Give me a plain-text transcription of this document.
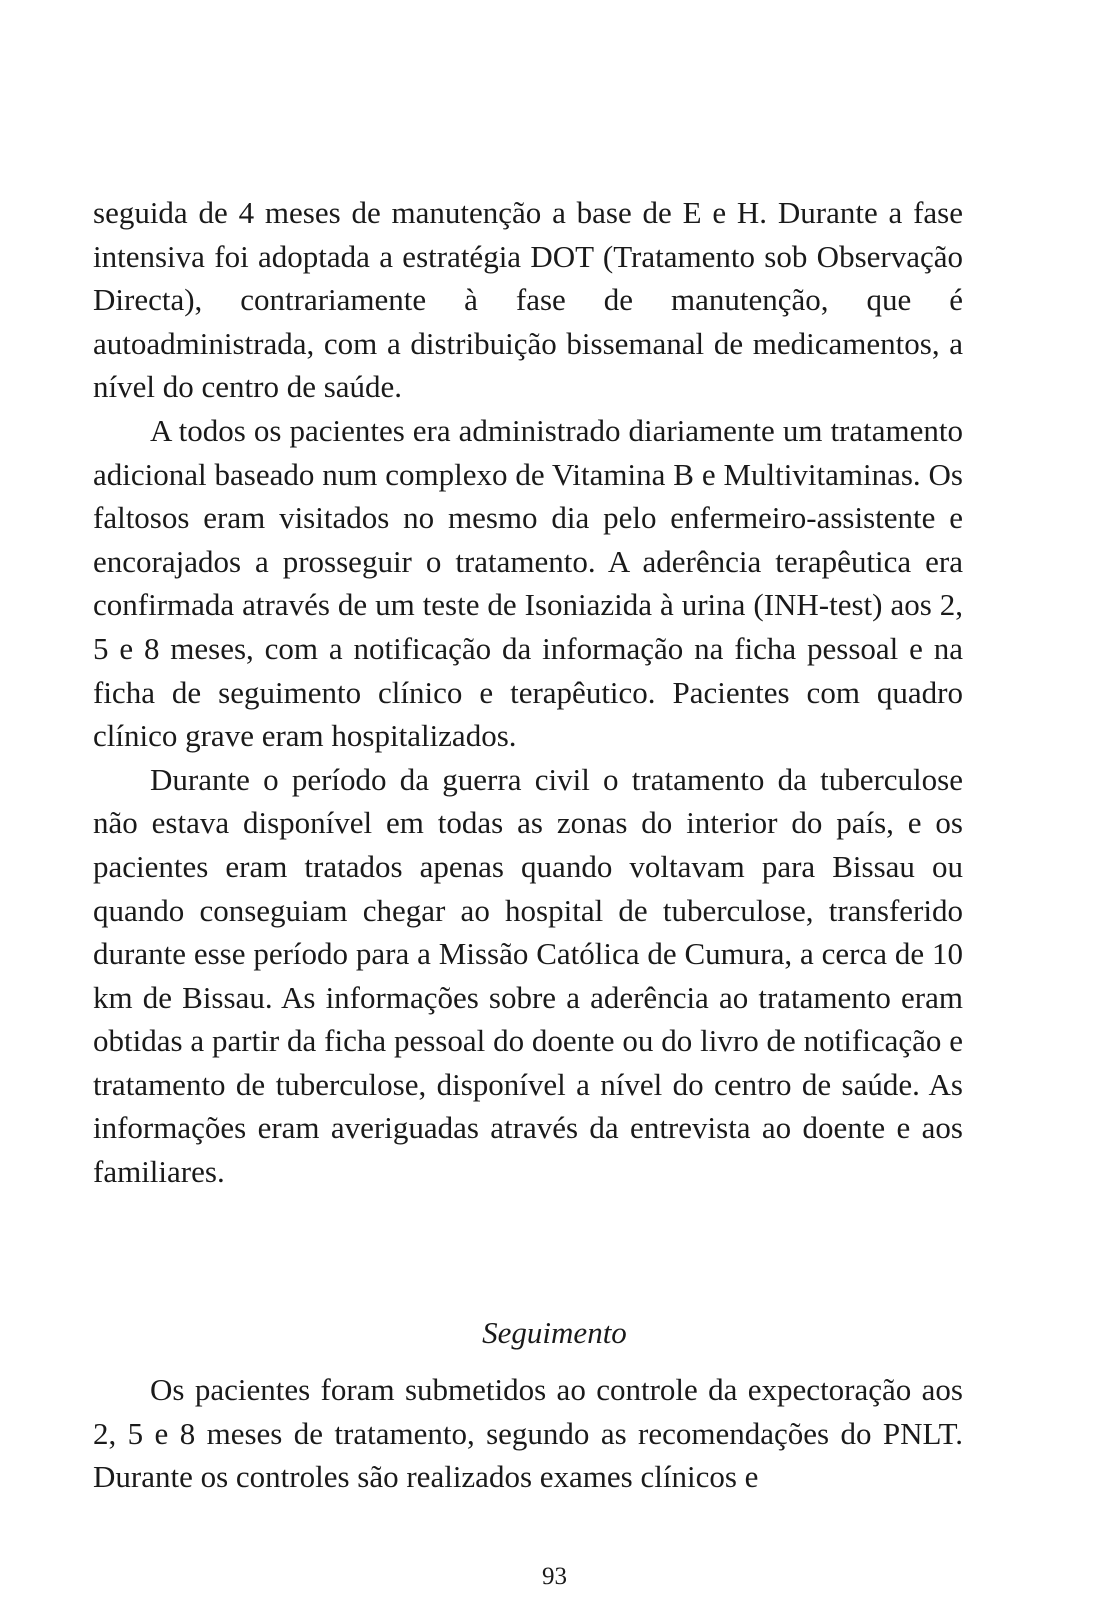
seguida de 4 meses de manutenção a base de E e H. Durante a fase intensiva foi adoptada a estratégia DOT (Tratamento sob Observação Directa), contrariamente à fase de manutenção, que é autoadministrada, com a distribuição bissemanal de medicamentos, a nível do centro de saúde.

A todos os pacientes era administrado diariamente um tratamento adicional baseado num complexo de Vitamina B e Multivitaminas. Os faltosos eram visitados no mesmo dia pelo enfermeiro-assistente e encorajados a prosseguir o tratamento. A aderência terapêutica era confirmada através de um teste de Isoniazida à urina (INH-test) aos 2, 5 e 8 meses, com a notificação da informação na ficha pessoal e na ficha de seguimento clínico e terapêutico. Pacientes com quadro clínico grave eram hospitalizados.

Durante o período da guerra civil o tratamento da tuberculose não estava disponível em todas as zonas do interior do país, e os pacientes eram tratados apenas quando voltavam para Bissau ou quando conseguiam chegar ao hospital de tuberculose, transferido durante esse período para a Missão Católica de Cumura, a cerca de 10 km de Bissau. As informações sobre a aderência ao tratamento eram obtidas a partir da ficha pessoal do doente ou do livro de notificação e tratamento de tuberculose, disponível a nível do centro de saúde. As informações eram averiguadas através da entrevista ao doente e aos familiares.

Seguimento

Os pacientes foram submetidos ao controle da expectoração aos 2, 5 e 8 meses de tratamento, segundo as recomendações do PNLT. Durante os controles são realizados exames clínicos e

93
